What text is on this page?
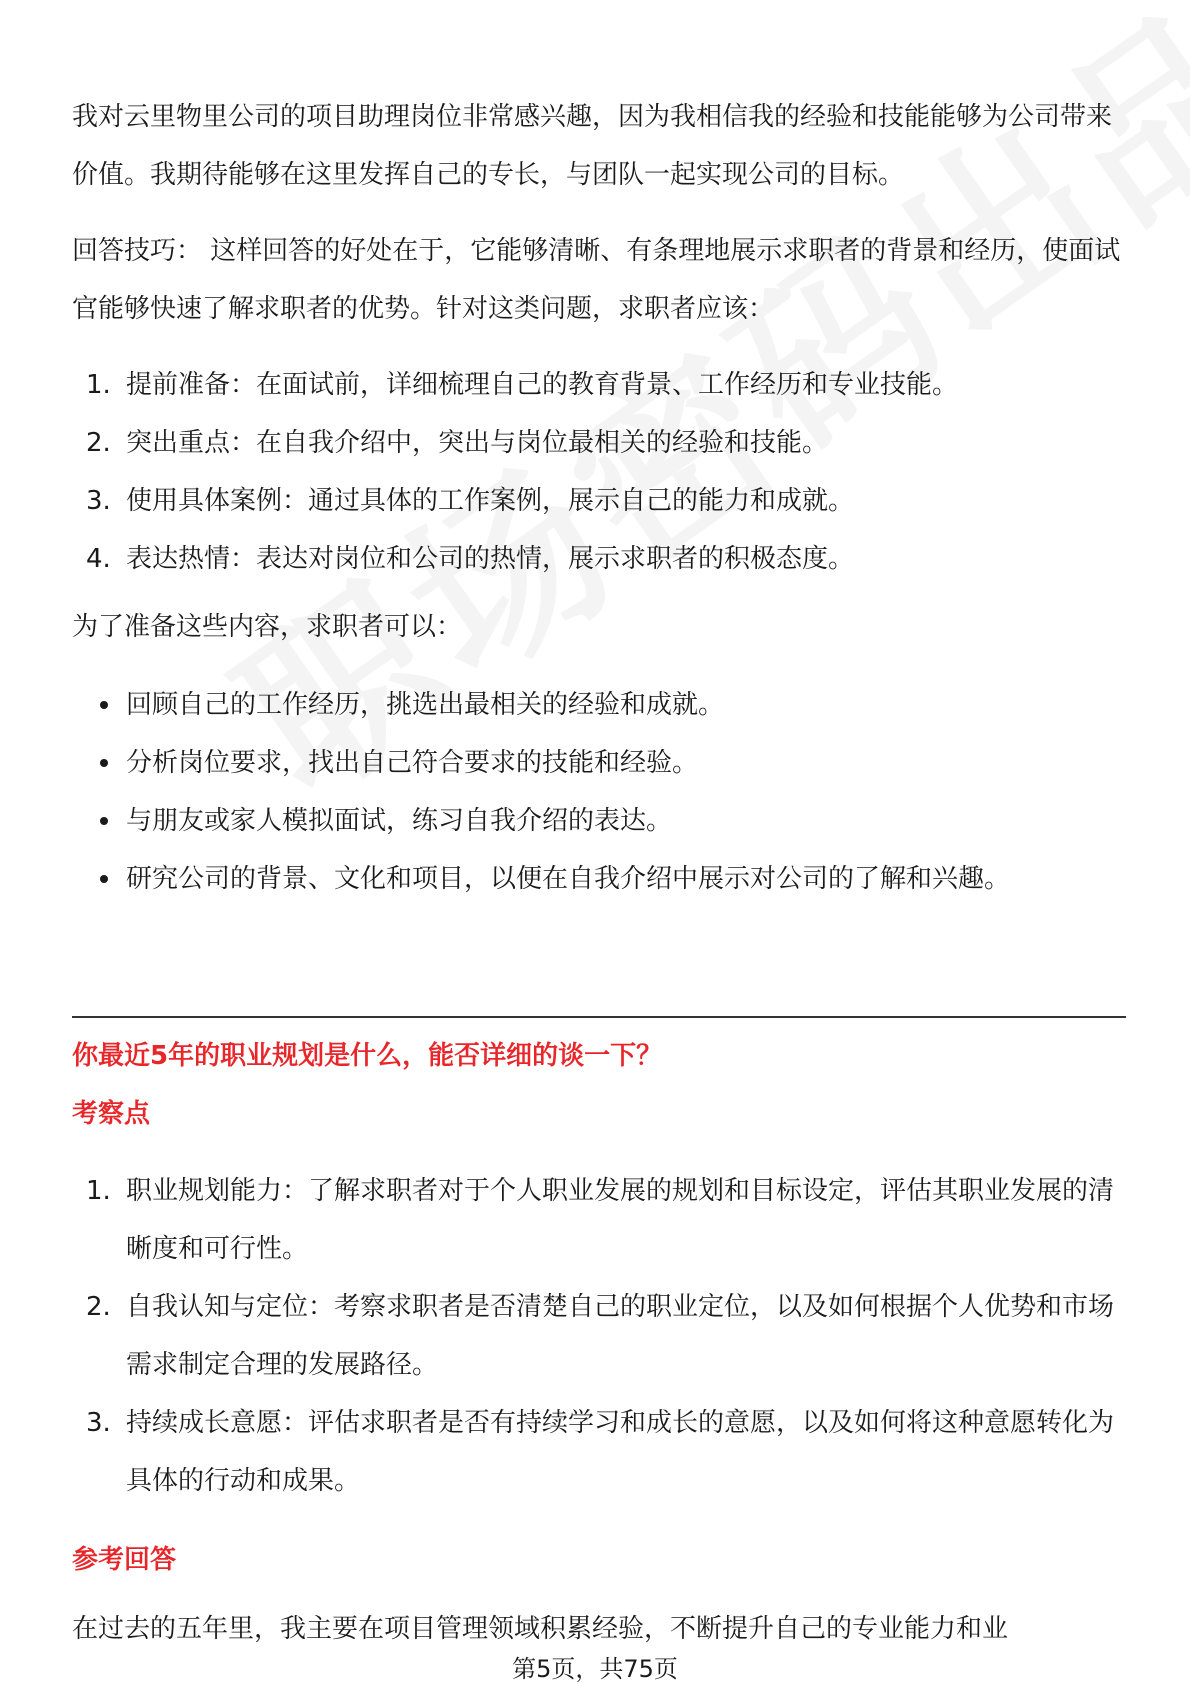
我对云里物里公司的项目助理岗位非常感兴趣，因为我相信我的经验和技能能够为公司带来价值。我期待能够在这里发挥自己的专长，与团队一起实现公司的目标。

回答技巧： 这样回答的好处在于，它能够清晰、有条理地展示求职者的背景和经历，使面试官能够快速了解求职者的优势。针对这类问题，求职者应该：

1. 提前准备：在面试前，详细梳理自己的教育背景、工作经历和专业技能。
2. 突出重点：在自我介绍中，突出与岗位最相关的经验和技能。
3. 使用具体案例：通过具体的工作案例，展示自己的能力和成就。
4. 表达热情：表达对岗位和公司的热情，展示求职者的积极态度。

为了准备这些内容，求职者可以：

回顾自己的工作经历，挑选出最相关的经验和成就。
分析岗位要求，找出自己符合要求的技能和经验。
与朋友或家人模拟面试，练习自我介绍的表达。
研究公司的背景、文化和项目，以便在自我介绍中展示对公司的了解和兴趣。
你最近5年的职业规划是什么，能否详细的谈一下？
考察点
1. 职业规划能力：了解求职者对于个人职业发展的规划和目标设定，评估其职业发展的清晰度和可行性。
2. 自我认知与定位：考察求职者是否清楚自己的职业定位，以及如何根据个人优势和市场需求制定合理的发展路径。
3. 持续成长意愿：评估求职者是否有持续学习和成长的意愿，以及如何将这种意愿转化为具体的行动和成果。
参考回答
在过去的五年里，我主要在项目管理领域积累经验，不断提升自己的专业能力和业
第5页，共75页
